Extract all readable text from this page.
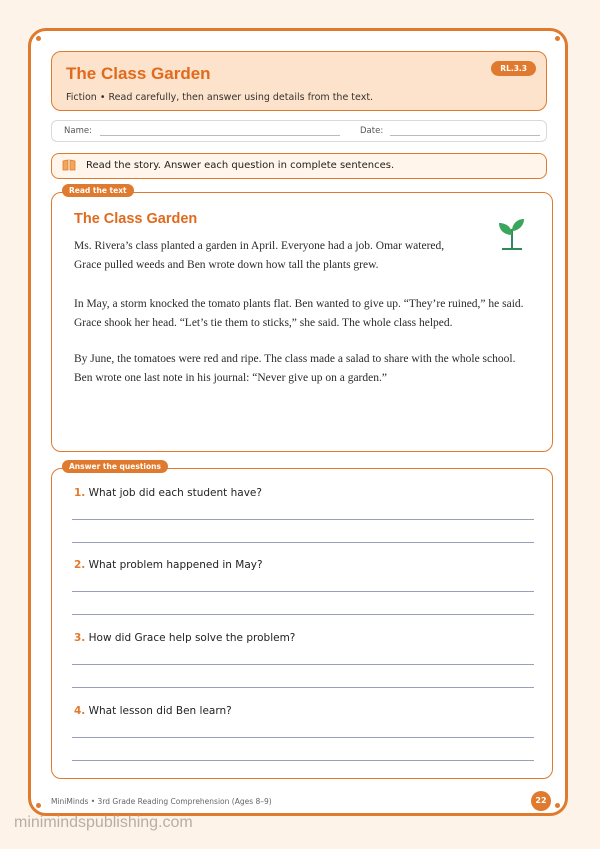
The Class Garden
Fiction • Read carefully, then answer using details from the text.
RL.3.3
Name:	Date:
Read the story. Answer each question in complete sentences.
Read the text
The Class Garden

Ms. Rivera’s class planted a garden in April. Everyone had a job. Omar watered, Grace pulled weeds and Ben wrote down how tall the plants grew.

In May, a storm knocked the tomato plants flat. Ben wanted to give up. “They’re ruined,” he said. Grace shook her head. “Let’s tie them to sticks,” she said. The whole class helped.

By June, the tomatoes were red and ripe. The class made a salad to share with the whole school. Ben wrote one last note in his journal: “Never give up on a garden.”

Answer the questions
1. What job did each student have?
2. What problem happened in May?
3. How did Grace help solve the problem?
4. What lesson did Ben learn?
MiniMinds • 3rd Grade Reading Comprehension (Ages 8–9)	22
minimindspublishing.com
